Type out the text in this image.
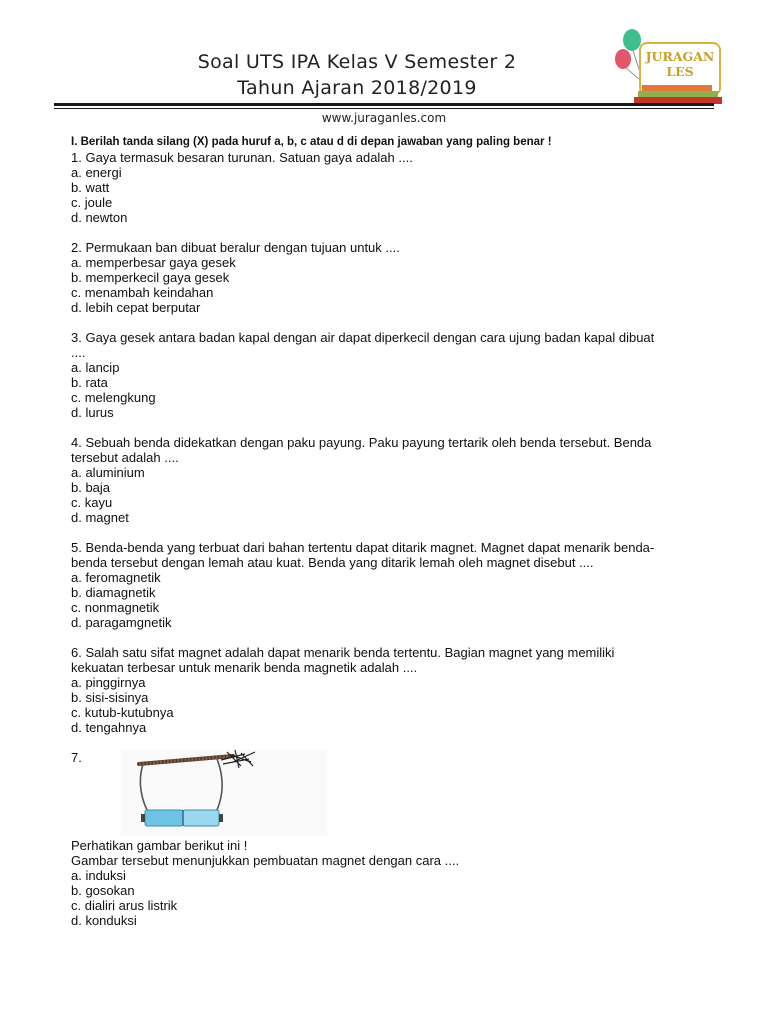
Soal UTS IPA Kelas V Semester 2
Tahun Ajaran 2018/2019
JURAGAN
LES
www.juraganles.com
I. Berilah tanda silang (X) pada huruf a, b, c atau d di depan jawaban yang paling benar !
1. Gaya termasuk besaran turunan. Satuan gaya adalah ....
a. energi
b. watt
c. joule
d. newton
2. Permukaan ban dibuat beralur dengan tujuan untuk ....
a. memperbesar gaya gesek
b. memperkecil gaya gesek
c. menambah keindahan
d. lebih cepat berputar
3. Gaya gesek antara badan kapal dengan air dapat diperkecil dengan cara ujung badan kapal dibuat
....
a. lancip
b. rata
c. melengkung
d. lurus
4. Sebuah benda didekatkan dengan paku payung. Paku payung tertarik oleh benda tersebut. Benda
tersebut adalah ....
a. aluminium
b. baja
c. kayu
d. magnet
5. Benda-benda yang terbuat dari bahan tertentu dapat ditarik magnet. Magnet dapat menarik benda-
benda tersebut dengan lemah atau kuat. Benda yang ditarik lemah oleh magnet disebut ....
a. feromagnetik
b. diamagnetik
c. nonmagnetik
d. paragamgnetik
6. Salah satu sifat magnet adalah dapat menarik benda tertentu. Bagian magnet yang memiliki
kekuatan terbesar untuk menarik benda magnetik adalah ....
a. pinggirnya
b. sisi-sisinya
c. kutub-kutubnya
d. tengahnya
7.
Perhatikan gambar berikut ini !
Gambar tersebut menunjukkan pembuatan magnet dengan cara ....
a. induksi
b. gosokan
c. dialiri arus listrik
d. konduksi
